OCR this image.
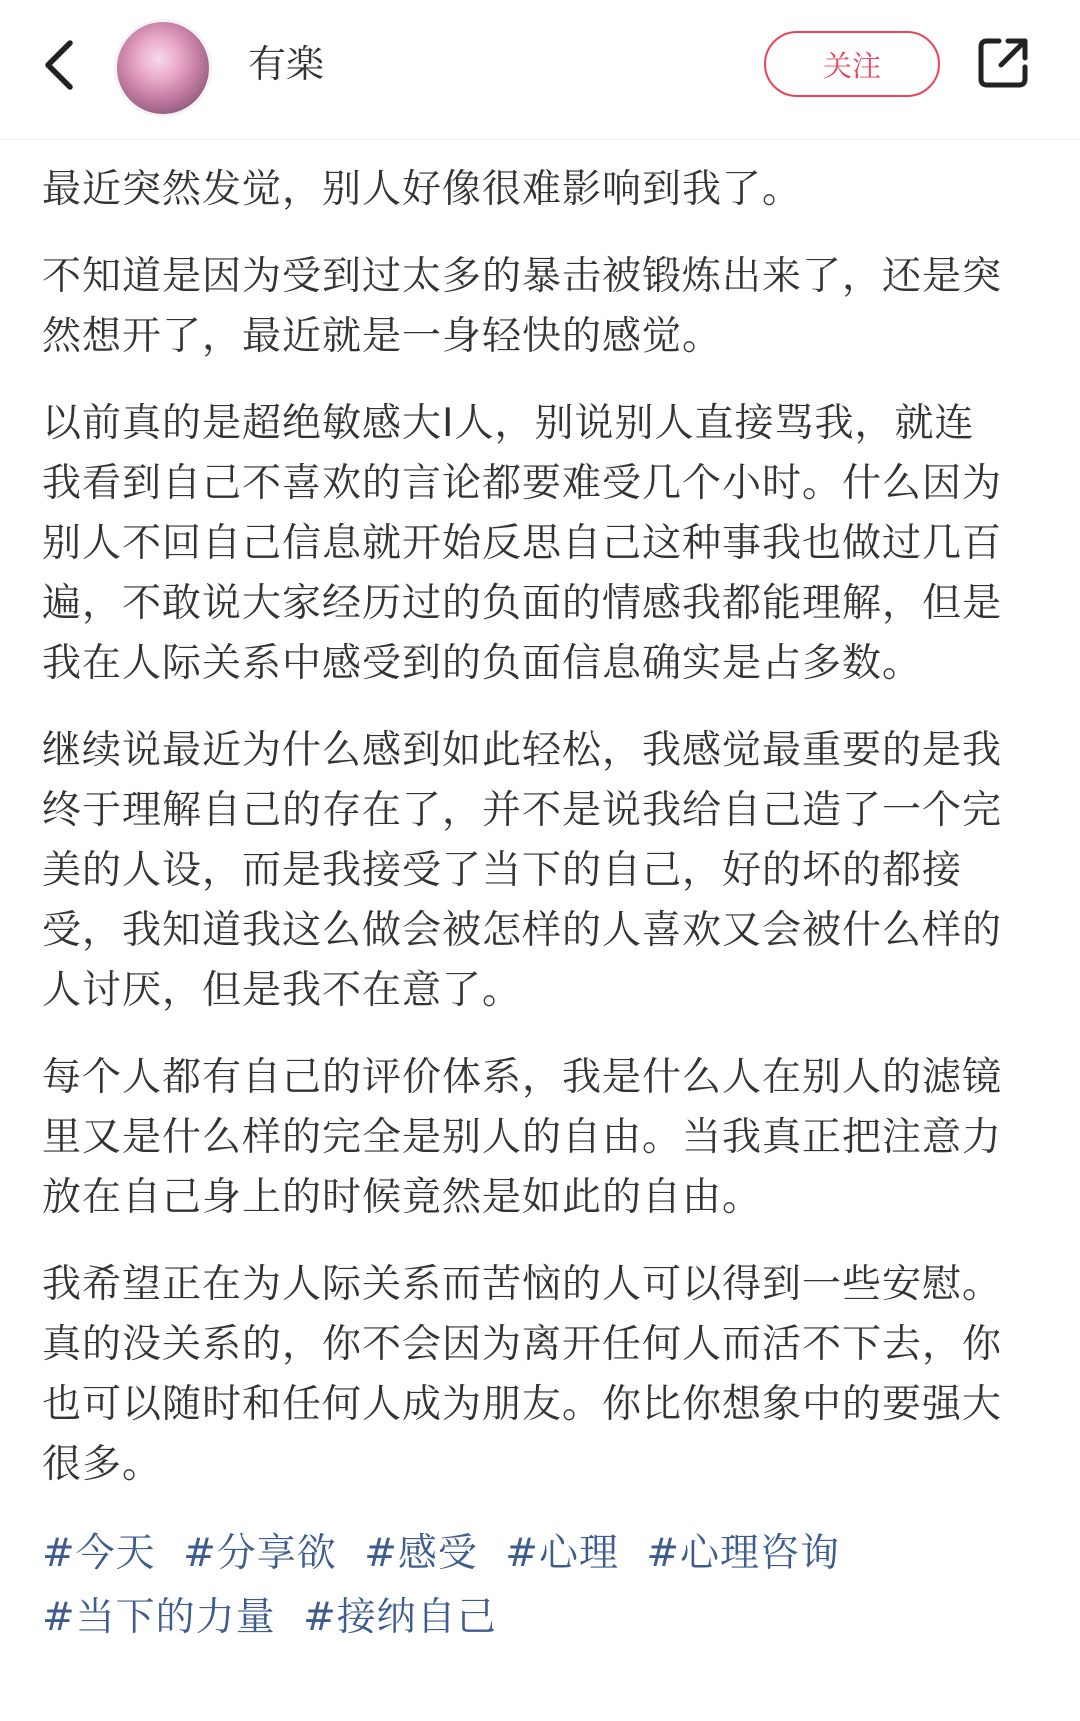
有楽	关注

最近突然发觉，别人好像很难影响到我了。

不知道是因为受到过太多的暴击被锻炼出来了，还是突然想开了，最近就是一身轻快的感觉。

以前真的是超绝敏感大I人，别说别人直接骂我，就连我看到自己不喜欢的言论都要难受几个小时。什么因为别人不回自己信息就开始反思自己这种事我也做过几百遍，不敢说大家经历过的负面的情感我都能理解，但是我在人际关系中感受到的负面信息确实是占多数。

继续说最近为什么感到如此轻松，我感觉最重要的是我终于理解自己的存在了，并不是说我给自己造了一个完美的人设，而是我接受了当下的自己，好的坏的都接受，我知道我这么做会被怎样的人喜欢又会被什么样的人讨厌，但是我不在意了。

每个人都有自己的评价体系，我是什么人在别人的滤镜里又是什么样的完全是别人的自由。当我真正把注意力放在自己身上的时候竟然是如此的自由。

我希望正在为人际关系而苦恼的人可以得到一些安慰。真的没关系的，你不会因为离开任何人而活不下去，你也可以随时和任何人成为朋友。你比你想象中的要强大很多。

#今天 #分享欲 #感受 #心理 #心理咨询 #当下的力量 #接纳自己
